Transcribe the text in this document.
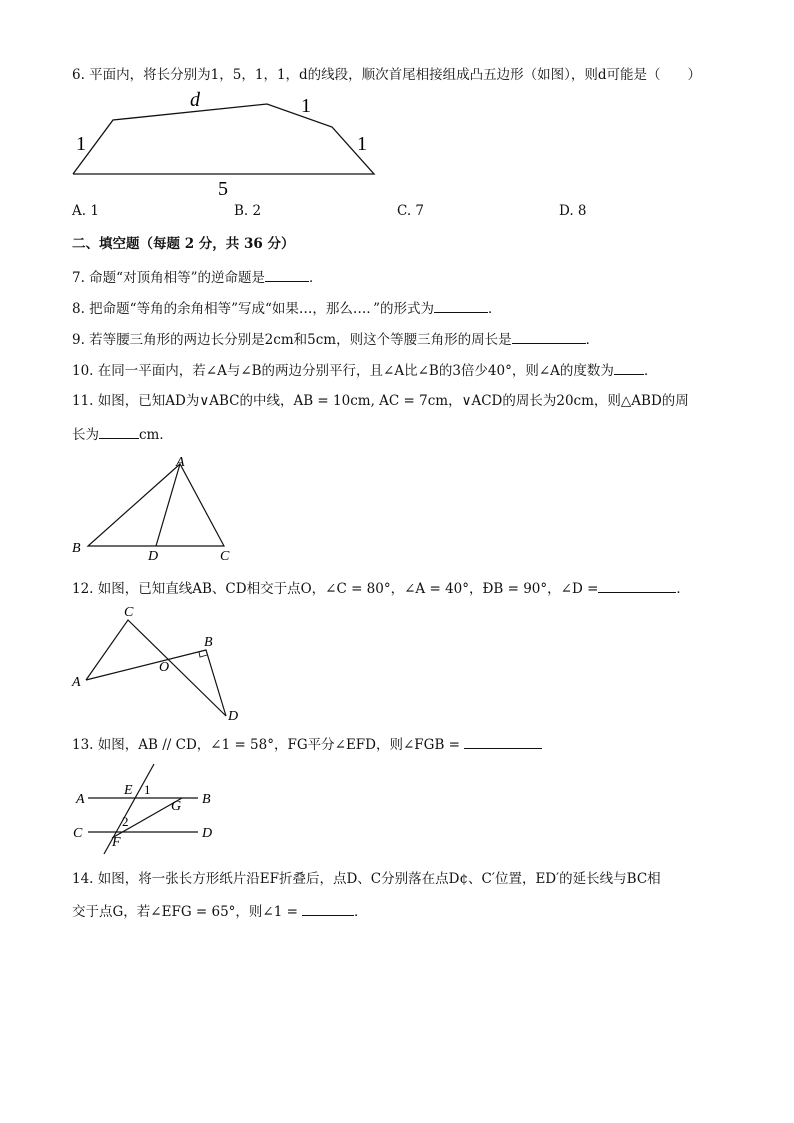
6. 平面内，将长分别为1，5，1，1，d的线段，顺次首尾相接组成凸五边形（如图），则d可能是（　　）
d
1
1
1
5
A. 1	B. 2	C. 7	D. 8
二、填空题（每题 2 分，共 36 分）
7. 命题“对顶角相等”的逆命题是	．
8. 把命题“等角的余角相等”写成“如果…，那么…．”的形式为	．
9. 若等腰三角形的两边长分别是2cm和5cm，则这个等腰三角形的周长是	．
10. 在同一平面内，若∠A与∠B的两边分别平行，且∠A比∠B的3倍少40°，则∠A的度数为 ．
11. 如图，已知AD为∨ABC的中线，AB = 10cm, AC = 7cm，∨ACD的周长为20cm，则△ABD的周
长为	cm．
A
B
D	C
12. 如图，已知直线AB、CD相交于点O，∠C = 80°，∠A = 40°，ÐB = 90°，∠D =	．
C
B
A
O
D
13. 如图，AB // CD，∠1 = 58°，FG平分∠EFD，则∠FGB =
A	B
C	D
E
F
G
1
2
14. 如图，将一张长方形纸片沿EF折叠后，点D、C分别落在点D¢、C′位置，ED′的延长线与BC相
交于点G，若∠EFG = 65°，则∠1 =	．
